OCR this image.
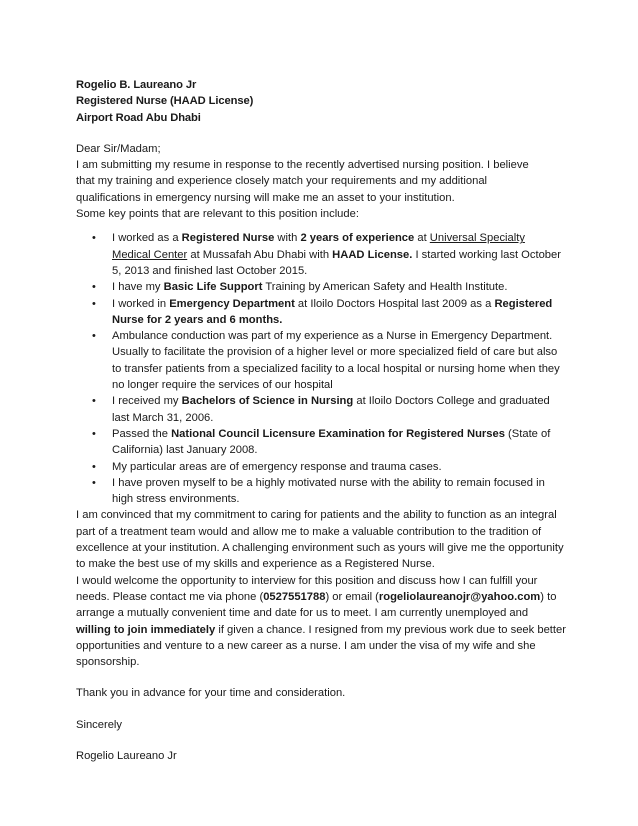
Rogelio B. Laureano Jr
Registered Nurse (HAAD License)
Airport Road Abu Dhabi

Dear Sir/Madam;

I am submitting my resume in response to the recently advertised nursing position. I believe
that my training and experience closely match your requirements and my additional
qualifications in emergency nursing will make me an asset to your institution.
Some key points that are relevant to this position include:
• I worked as a Registered Nurse with 2 years of experience at Universal Specialty Medical Center at Mussafah Abu Dhabi with HAAD License. I started working last October 5, 2013 and finished last October 2015.
• I have my Basic Life Support Training by American Safety and Health Institute.
• I worked in Emergency Department at Iloilo Doctors Hospital last 2009 as a Registered Nurse for 2 years and 6 months.
• Ambulance conduction was part of my experience as a Nurse in Emergency Department. Usually to facilitate the provision of a higher level or more specialized field of care but also to transfer patients from a specialized facility to a local hospital or nursing home when they no longer require the services of our hospital
• I received my Bachelors of Science in Nursing at Iloilo Doctors College and graduated last March 31, 2006.
• Passed the National Council Licensure Examination for Registered Nurses (State of California) last January 2008.
• My particular areas are of emergency response and trauma cases.
• I have proven myself to be a highly motivated nurse with the ability to remain focused in high stress environments.

I am convinced that my commitment to caring for patients and the ability to function as an integral part of a treatment team would and allow me to make a valuable contribution to the tradition of excellence at your institution. A challenging environment such as yours will give me the opportunity to make the best use of my skills and experience as a Registered Nurse.

I would welcome the opportunity to interview for this position and discuss how I can fulfill your needs. Please contact me via phone (0527551788) or email (rogeliolaureanojr@yahoo.com) to arrange a mutually convenient time and date for us to meet. I am currently unemployed and willing to join immediately if given a chance. I resigned from my previous work due to seek better opportunities and venture to a new career as a nurse. I am under the visa of my wife and she sponsorship.

Thank you in advance for your time and consideration.

Sincerely

Rogelio Laureano Jr
